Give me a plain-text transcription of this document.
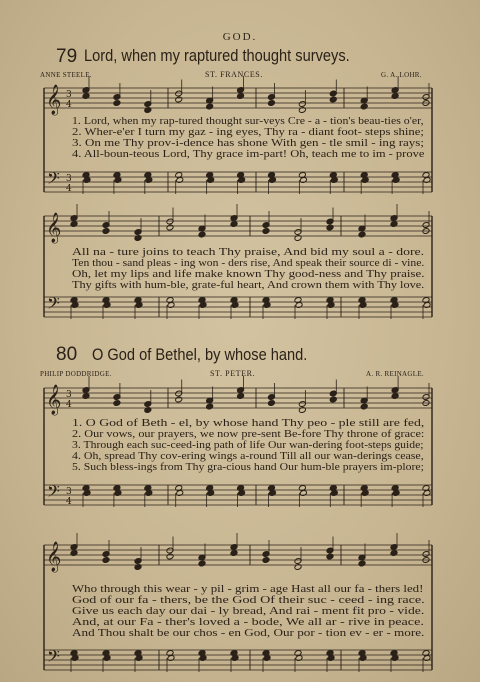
GOD.
79 Lord, when my raptured thought surveys.
ANNE STEELE.	ST. FRANCES.	G. A. LOHR.
𝄞
𝄢
3
4
3
4
𝄞
𝄢
𝄞
𝄢
3
4
3
4
𝄞
𝄢
1. Lord, when my rap-tured thought sur-veys Cre - a - tion's beau-ties o'er,
2. Wher-e'er I turn my gaz - ing eyes, Thy ra - diant foot- steps shine;
3. On me Thy prov-i-dence has shone With gen - tle smil - ing rays;
4. All-boun-teous Lord, Thy grace im-part! Oh, teach me to im - prove
All na - ture joins to teach Thy praise, And bid my soul a - dore.
Ten thou - sand pleas - ing won - ders rise, And speak their source di - vine.
Oh, let my lips and life make known Thy good-ness and Thy praise.
Thy gifts with hum-ble, grate-ful heart, And crown them with Thy love.
80 O God of Bethel, by whose hand.
PHILIP DODDRIDGE.	ST. PETER.	A. R. REINAGLE.
1. O God of Beth - el, by whose hand Thy peo - ple still are fed,
2. Our vows, our prayers, we now pre-sent Be-fore Thy throne of grace:
3. Through each suc-ceed-ing path of life Our wan-dering foot-steps guide;
4. Oh, spread Thy cov-ering wings a-round Till all our wan-derings cease,
5. Such bless-ings from Thy gra-cious hand Our hum-ble prayers im-plore;
Who through this wear - y pil - grim - age Hast all our fa - thers led!
God of our fa - thers, be the God Of their suc - ceed - ing race.
Give us each day our dai - ly bread, And rai - ment fit pro - vide.
And, at our Fa - ther's loved a - bode, We all ar - rive in peace.
And Thou shalt be our chos - en God, Our por - tion ev - er - more.
